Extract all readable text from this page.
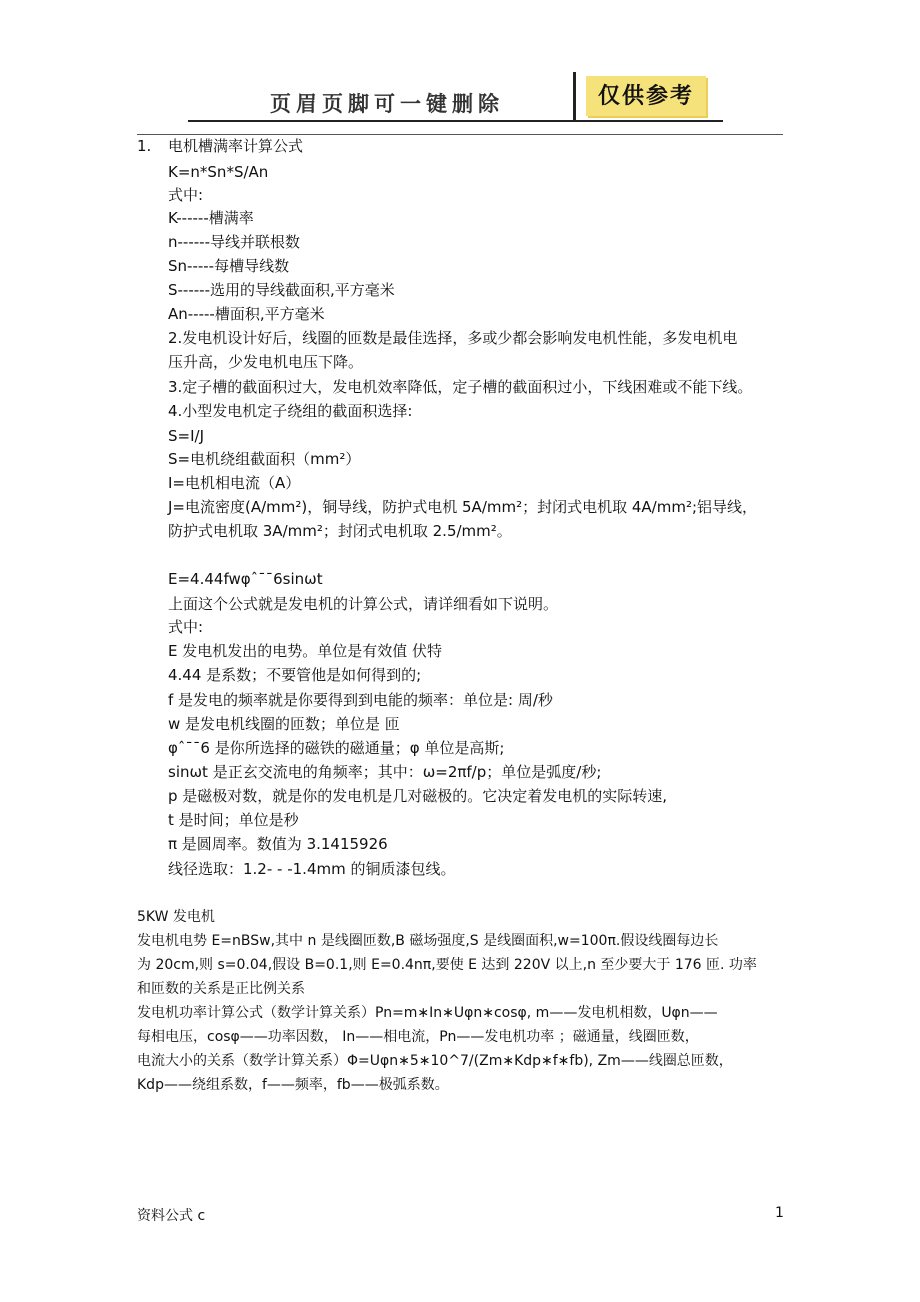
页眉页脚可一键删除	仅供参考
1. 电机槽满率计算公式
K=n*Sn*S/An
式中:
K------槽满率
n------导线并联根数
Sn-----每槽导线数
S------选用的导线截面积,平方毫米
An-----槽面积,平方毫米
2.发电机设计好后，线圈的匝数是最佳选择，多或少都会影响发电机性能，多发电机电
压升高，少发电机电压下降。
3.定子槽的截面积过大，发电机效率降低，定子槽的截面积过小，下线困难或不能下线。
4.小型发电机定子绕组的截面积选择:
S=I/J
S=电机绕组截面积（mm²）
I=电机相电流（A）
J=电流密度(A/mm²)，铜导线，防护式电机 5A/mm²；封闭式电机取 4A/mm²;铝导线，
防护式电机取 3A/mm²；封闭式电机取 2.5/mm²。
E=4.44fwφˆ¯¯6sinωt
上面这个公式就是发电机的计算公式，请详细看如下说明。
式中:
E 发电机发出的电势。单位是有效值 伏特
4.44 是系数；不要管他是如何得到的;
f 是发电的频率就是你要得到到电能的频率：单位是: 周/秒
w 是发电机线圈的匝数；单位是 匝
φˆ¯¯6 是你所选择的磁铁的磁通量；φ 单位是高斯;
sinωt 是正玄交流电的角频率；其中：ω=2πf/p；单位是弧度/秒;
p 是磁极对数，就是你的发电机是几对磁极的。它决定着发电机的实际转速,
t 是时间；单位是秒
π 是圆周率。数值为 3.1415926
线径选取：1.2- - -1.4mm 的铜质漆包线。
5KW 发电机
发电机电势 E=nBSw,其中 n 是线圈匝数,B 磁场强度,S 是线圈面积,w=100π.假设线圈每边长
为 20cm,则 s=0.04,假设 B=0.1,则 E=0.4nπ,要使 E 达到 220V 以上,n 至少要大于 176 匝. 功率
和匝数的关系是正比例关系
发电机功率计算公式（数学计算关系）Pn=m∗In∗Uφn∗cosφ, m——发电机相数，Uφn——
每相电压，cosφ——功率因数， In——相电流，Pn——发电机功率 ；磁通量，线圈匝数，
电流大小的关系（数学计算关系）Φ=Uφn∗5∗10^7/(Zm∗Kdp∗f∗fb), Zm——线圈总匝数，
Kdp——绕组系数，f——频率，fb——极弧系数。
资料公式 c	1
